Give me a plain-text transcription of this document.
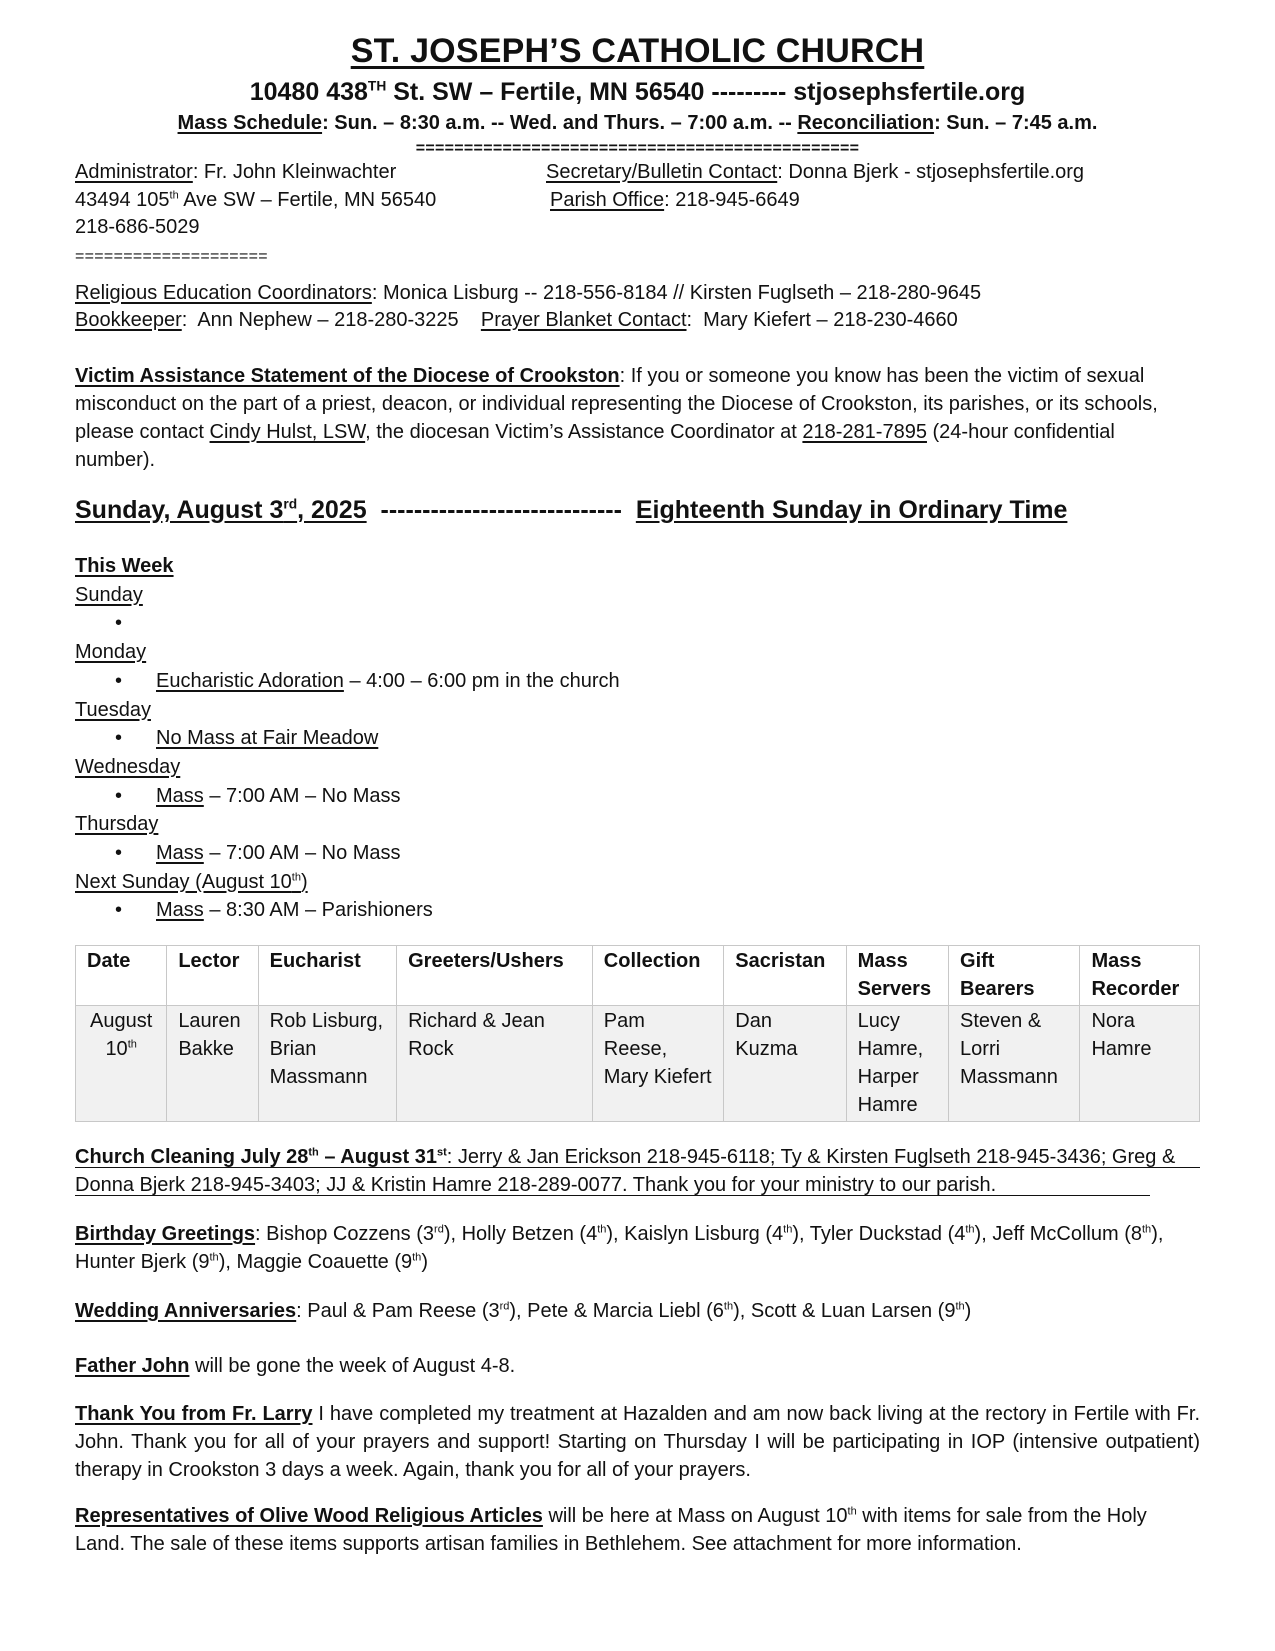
ST. JOSEPH’S CATHOLIC CHURCH
10480 438TH St. SW – Fertile, MN 56540 --------- stjosephsfertile.org
Mass Schedule: Sun. – 8:30 a.m. -- Wed. and Thurs. – 7:00 a.m. -- Reconciliation: Sun. – 7:45 a.m.
==============================================
Administrator: Fr. John Kleinwachter
43494 105th Ave SW – Fertile, MN 56540
218-686-5029
Secretary/Bulletin Contact: Donna Bjerk - stjosephsfertile.org
Parish Office: 218-945-6649
====================
Religious Education Coordinators: Monica Lisburg -- 218-556-8184 // Kirsten Fuglseth – 218-280-9645
Bookkeeper:  Ann Nephew – 218-280-3225    Prayer Blanket Contact:  Mary Kiefert – 218-230-4660
Victim Assistance Statement of the Diocese of Crookston: If you or someone you know has been the victim of sexual misconduct on the part of a priest, deacon, or individual representing the Diocese of Crookston, its parishes, or its schools, please contact Cindy Hulst, LSW, the diocesan Victim’s Assistance Coordinator at 218-281-7895 (24-hour confidential number).
Sunday, August 3rd, 2025  -----------------------------  Eighteenth Sunday in Ordinary Time
This Week
Sunday
•
Monday
• Eucharistic Adoration – 4:00 – 6:00 pm in the church
Tuesday
• No Mass at Fair Meadow
Wednesday
• Mass – 7:00 AM – No Mass
Thursday
• Mass – 7:00 AM – No Mass
Next Sunday (August 10th)
• Mass – 8:30 AM – Parishioners
Date	Lector	Eucharist	Greeters/Ushers	Collection	Sacristan	Mass Servers	Gift Bearers	Mass Recorder
August 10th	Lauren Bakke	Rob Lisburg, Brian Massmann	Richard & Jean Rock	Pam Reese, Mary Kiefert	Dan Kuzma	Lucy Hamre, Harper Hamre	Steven & Lorri Massmann	Nora Hamre
Church Cleaning July 28th – August 31st: Jerry & Jan Erickson 218-945-6118; Ty & Kirsten Fuglseth 218-945-3436; Greg & Donna Bjerk 218-945-3403; JJ & Kristin Hamre 218-289-0077. Thank you for your ministry to our parish.
Birthday Greetings: Bishop Cozzens (3rd), Holly Betzen (4th), Kaislyn Lisburg (4th), Tyler Duckstad (4th), Jeff McCollum (8th), Hunter Bjerk (9th), Maggie Coauette (9th)
Wedding Anniversaries: Paul & Pam Reese (3rd), Pete & Marcia Liebl (6th), Scott & Luan Larsen (9th)
Father John will be gone the week of August 4-8.
Thank You from Fr. Larry I have completed my treatment at Hazalden and am now back living at the rectory in Fertile with Fr. John. Thank you for all of your prayers and support! Starting on Thursday I will be participating in IOP (intensive outpatient) therapy in Crookston 3 days a week. Again, thank you for all of your prayers.
Representatives of Olive Wood Religious Articles will be here at Mass on August 10th with items for sale from the Holy Land. The sale of these items supports artisan families in Bethlehem. See attachment for more information.
